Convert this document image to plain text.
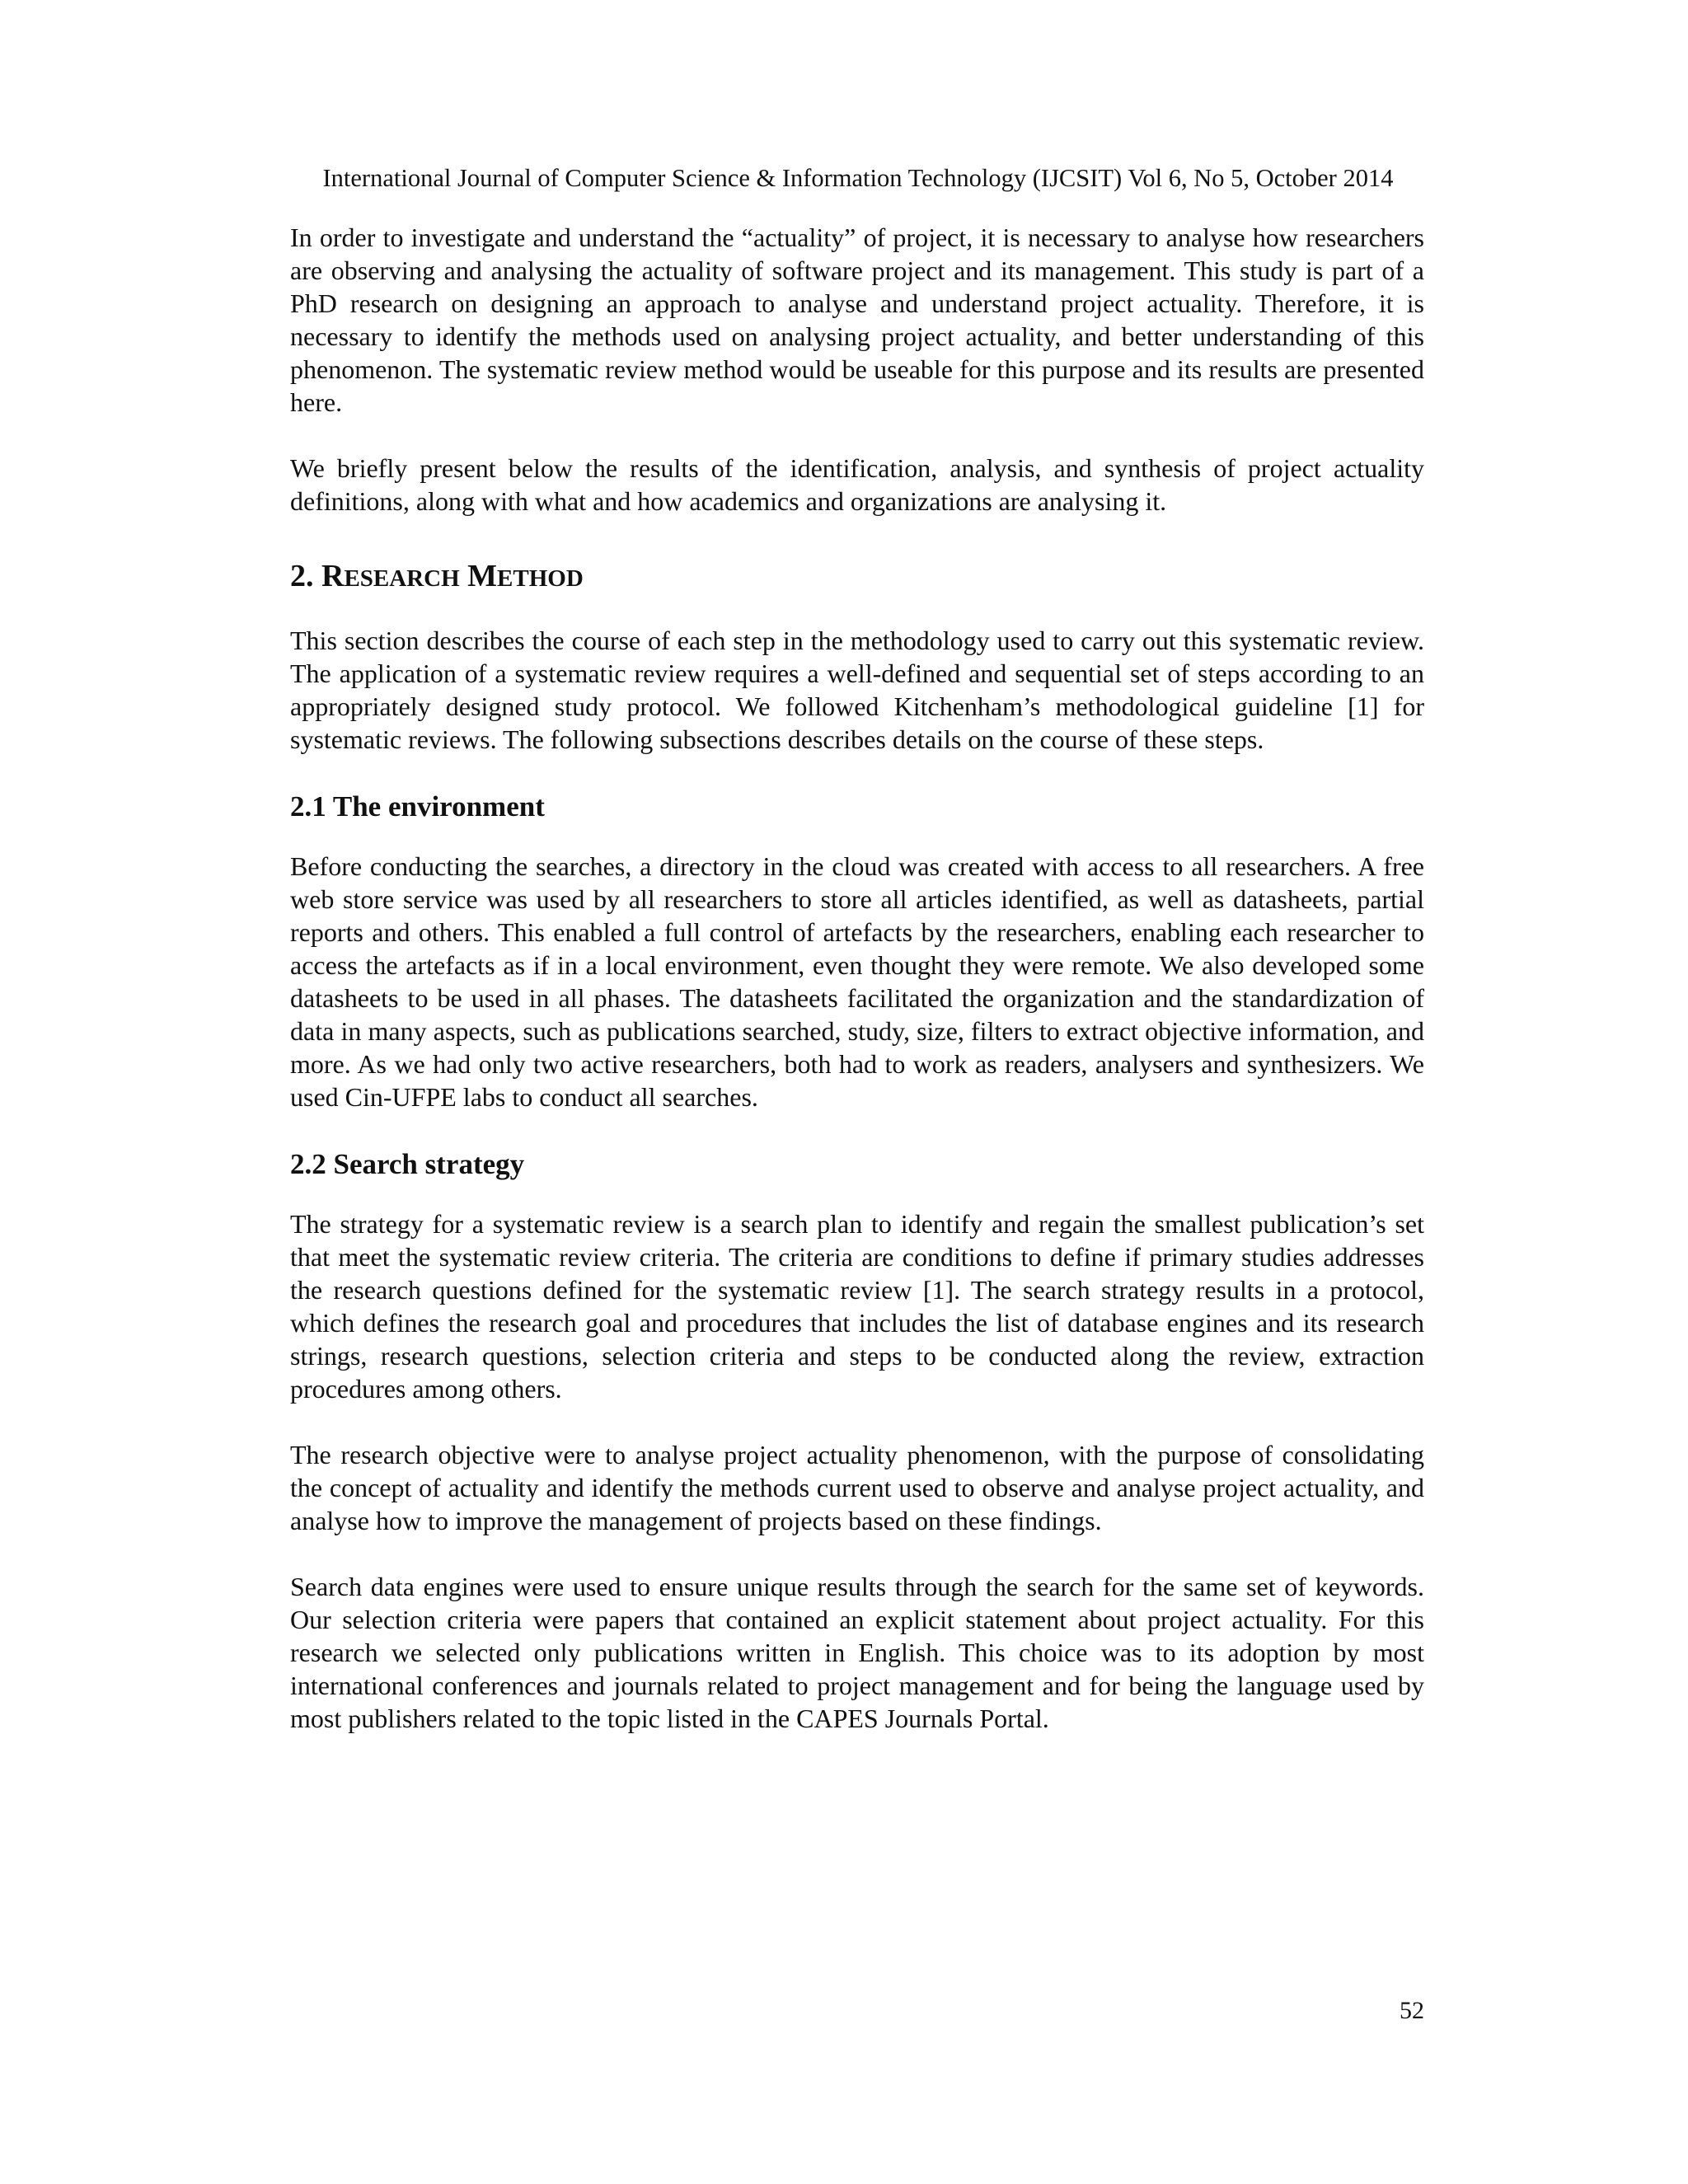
International Journal of Computer Science & Information Technology (IJCSIT) Vol 6, No 5, October 2014

In order to investigate and understand the “actuality” of project, it is necessary to analyse how researchers are observing and analysing the actuality of software project and its management. This study is part of a PhD research on designing an approach to analyse and understand project actuality. Therefore, it is necessary to identify the methods used on analysing project actuality, and better understanding of this phenomenon. The systematic review method would be useable for this purpose and its results are presented here.

We briefly present below the results of the identification, analysis, and synthesis of project actuality definitions, along with what and how academics and organizations are analysing it.

2. RESEARCH METHOD

This section describes the course of each step in the methodology used to carry out this systematic review. The application of a systematic review requires a well-defined and sequential set of steps according to an appropriately designed study protocol. We followed Kitchenham’s methodological guideline [1] for systematic reviews. The following subsections describes details on the course of these steps.

2.1 The environment

Before conducting the searches, a directory in the cloud was created with access to all researchers. A free web store service was used by all researchers to store all articles identified, as well as datasheets, partial reports and others. This enabled a full control of artefacts by the researchers, enabling each researcher to access the artefacts as if in a local environment, even thought they were remote. We also developed some datasheets to be used in all phases. The datasheets facilitated the organization and the standardization of data in many aspects, such as publications searched, study, size, filters to extract objective information, and more. As we had only two active researchers, both had to work as readers, analysers and synthesizers. We used Cin-UFPE labs to conduct all searches.

2.2 Search strategy

The strategy for a systematic review is a search plan to identify and regain the smallest publication’s set that meet the systematic review criteria. The criteria are conditions to define if primary studies addresses the research questions defined for the systematic review [1]. The search strategy results in a protocol, which defines the research goal and procedures that includes the list of database engines and its research strings, research questions, selection criteria and steps to be conducted along the review, extraction procedures among others.

The research objective were to analyse project actuality phenomenon, with the purpose of consolidating the concept of actuality and identify the methods current used to observe and analyse project actuality, and analyse how to improve the management of projects based on these findings.

Search data engines were used to ensure unique results through the search for the same set of keywords. Our selection criteria were papers that contained an explicit statement about project actuality. For this research we selected only publications written in English. This choice was to its adoption by most international conferences and journals related to project management and for being the language used by most publishers related to the topic listed in the CAPES Journals Portal.

52
